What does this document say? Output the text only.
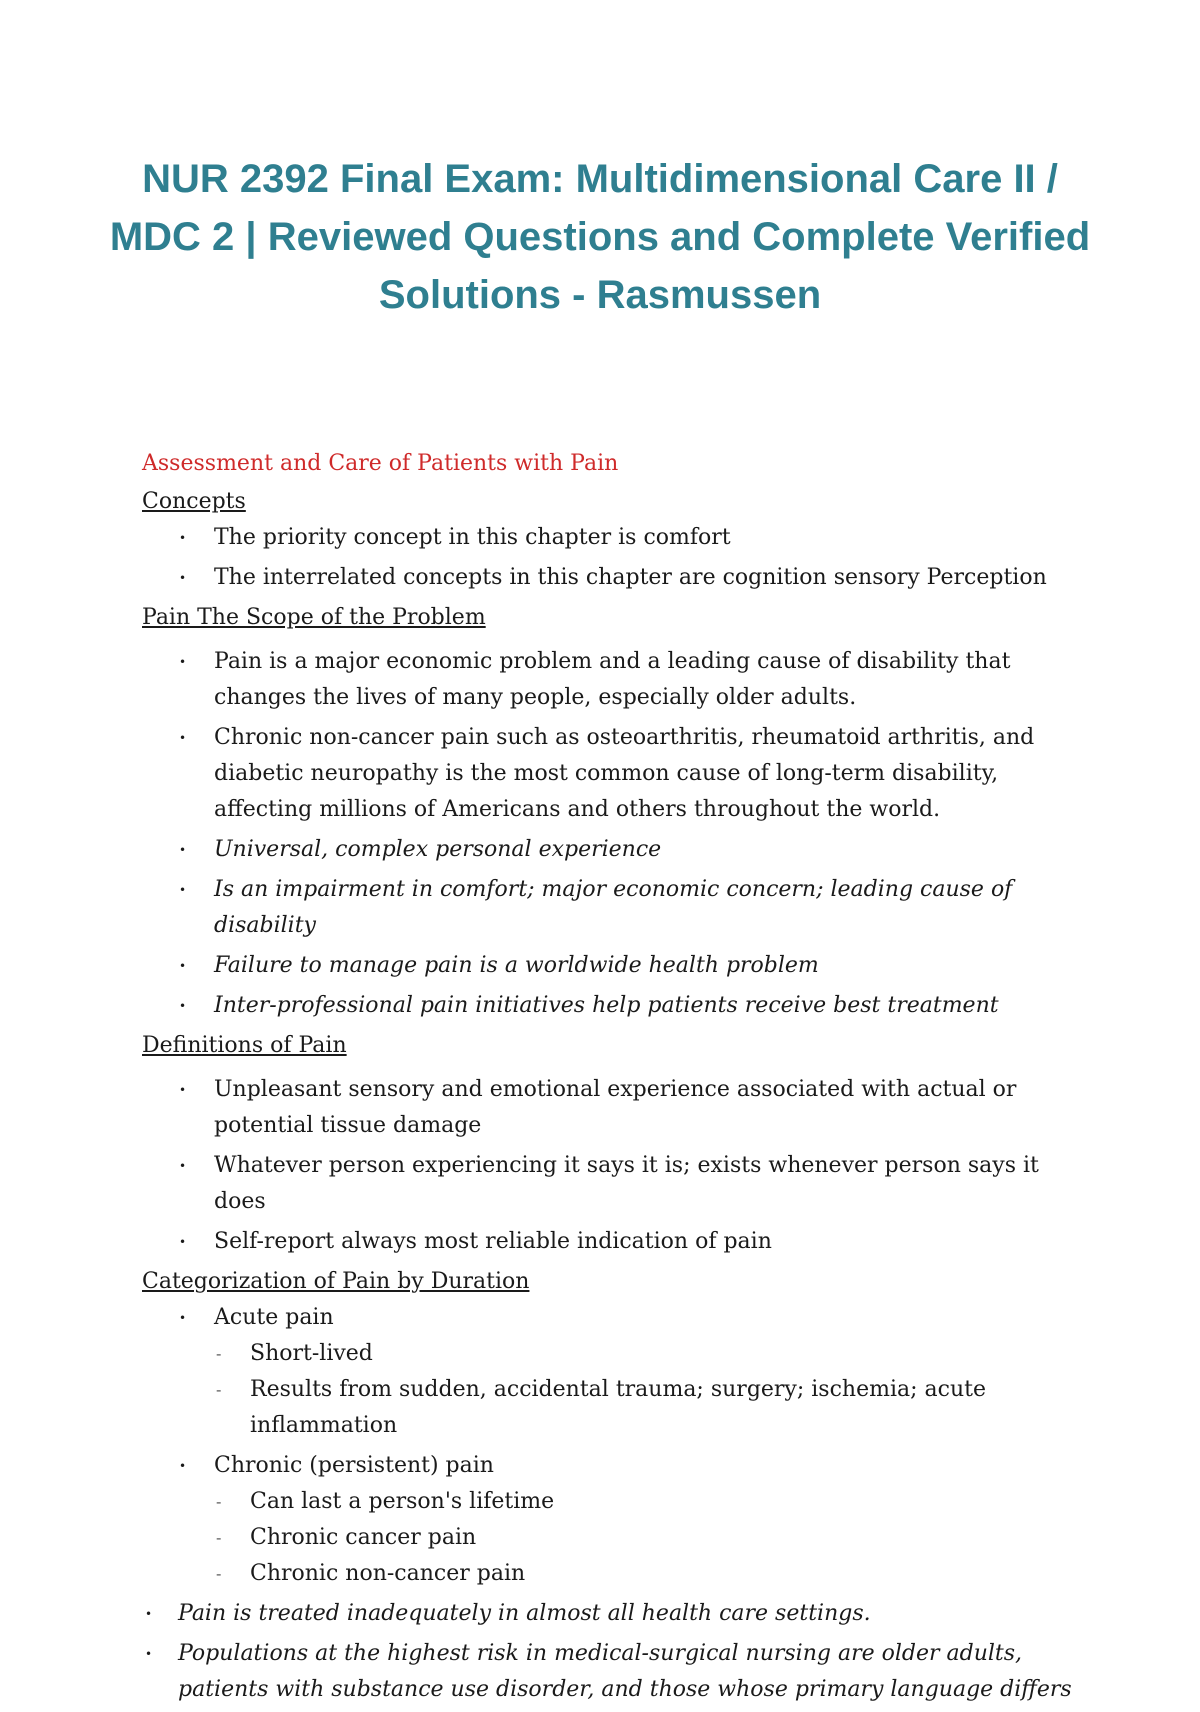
NUR 2392 Final Exam: Multidimensional Care II / MDC 2 | Reviewed Questions and Complete Verified Solutions - Rasmussen

Assessment and Care of Patients with Pain

Concepts

• The priority concept in this chapter is comfort
• The interrelated concepts in this chapter are cognition sensory Perception

Pain The Scope of the Problem

• Pain is a major economic problem and a leading cause of disability that changes the lives of many people, especially older adults.
• Chronic non-cancer pain such as osteoarthritis, rheumatoid arthritis, and diabetic neuropathy is the most common cause of long-term disability, affecting millions of Americans and others throughout the world.
• Universal, complex personal experience
• Is an impairment in comfort; major economic concern; leading cause of disability
• Failure to manage pain is a worldwide health problem
• Inter-professional pain initiatives help patients receive best treatment

Definitions of Pain

• Unpleasant sensory and emotional experience associated with actual or potential tissue damage
• Whatever person experiencing it says it is; exists whenever person says it does
• Self-report always most reliable indication of pain

Categorization of Pain by Duration

• Acute pain
- Short-lived
- Results from sudden, accidental trauma; surgery; ischemia; acute inflammation
• Chronic (persistent) pain
- Can last a person's lifetime
- Chronic cancer pain
- Chronic non-cancer pain
• Pain is treated inadequately in almost all health care settings.
• Populations at the highest risk in medical-surgical nursing are older adults, patients with substance use disorder, and those whose primary language differs
